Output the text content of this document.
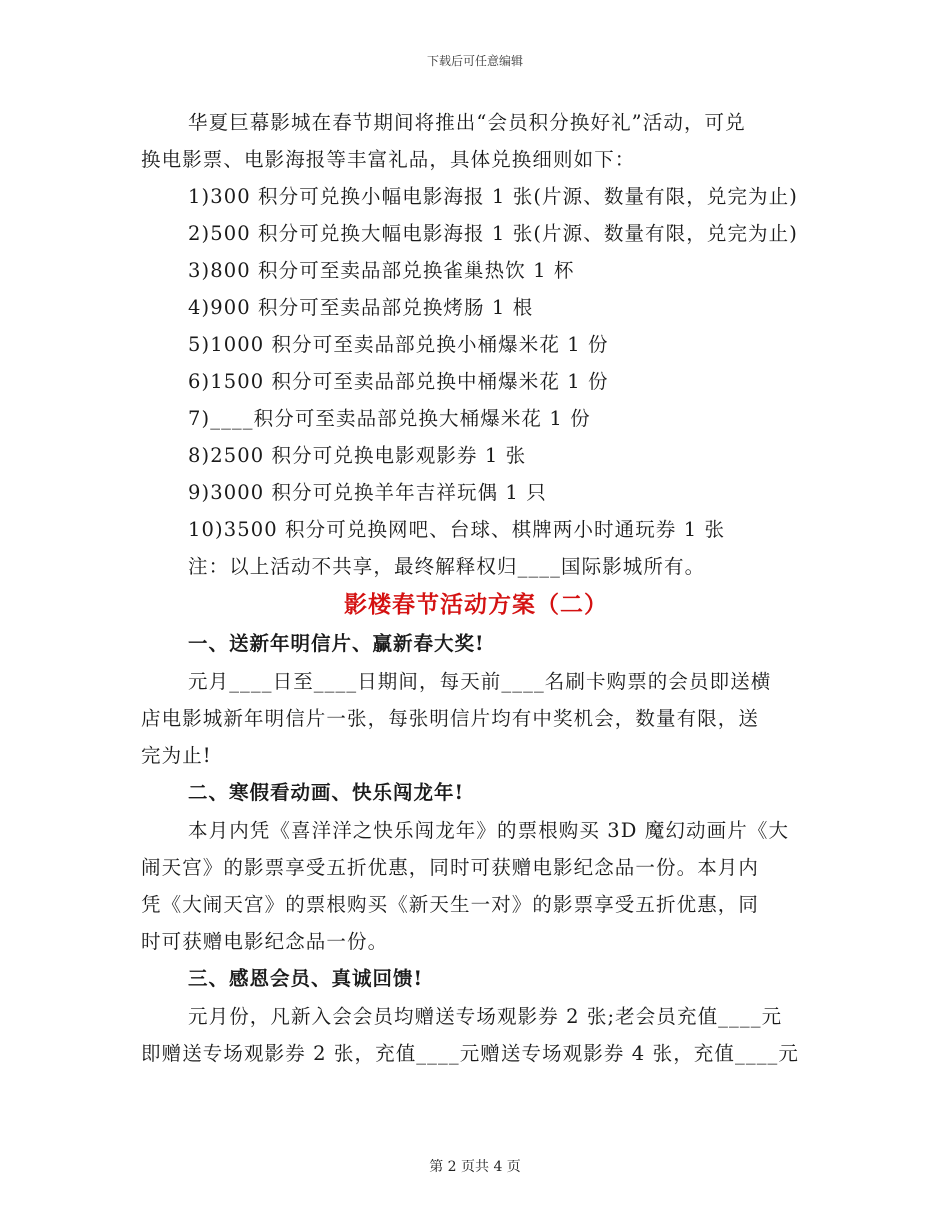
下载后可任意编辑

华夏巨幕影城在春节期间将推出“会员积分换好礼”活动，可兑

换电影票、电影海报等丰富礼品，具体兑换细则如下：

1)300 积分可兑换小幅电影海报 1 张(片源、数量有限，兑完为止)

2)500 积分可兑换大幅电影海报 1 张(片源、数量有限，兑完为止)

3)800 积分可至卖品部兑换雀巢热饮 1 杯

4)900 积分可至卖品部兑换烤肠 1 根

5)1000 积分可至卖品部兑换小桶爆米花 1 份

6)1500 积分可至卖品部兑换中桶爆米花 1 份

7)____积分可至卖品部兑换大桶爆米花 1 份

8)2500 积分可兑换电影观影券 1 张

9)3000 积分可兑换羊年吉祥玩偶 1 只

10)3500 积分可兑换网吧、台球、棋牌两小时通玩券 1 张

注：以上活动不共享，最终解释权归____国际影城所有。

影楼春节活动方案（二）

一、送新年明信片、赢新春大奖!

元月____日至____日期间，每天前____名刷卡购票的会员即送横

店电影城新年明信片一张，每张明信片均有中奖机会，数量有限，送

完为止!

二、寒假看动画、快乐闯龙年!

本月内凭《喜洋洋之快乐闯龙年》的票根购买 3D 魔幻动画片《大

闹天宫》的影票享受五折优惠，同时可获赠电影纪念品一份。本月内

凭《大闹天宫》的票根购买《新天生一对》的影票享受五折优惠，同

时可获赠电影纪念品一份。

三、感恩会员、真诚回馈!

元月份，凡新入会会员均赠送专场观影券 2 张;老会员充值____元

即赠送专场观影券 2 张，充值____元赠送专场观影券 4 张，充值____元

第 2 页共 4 页
